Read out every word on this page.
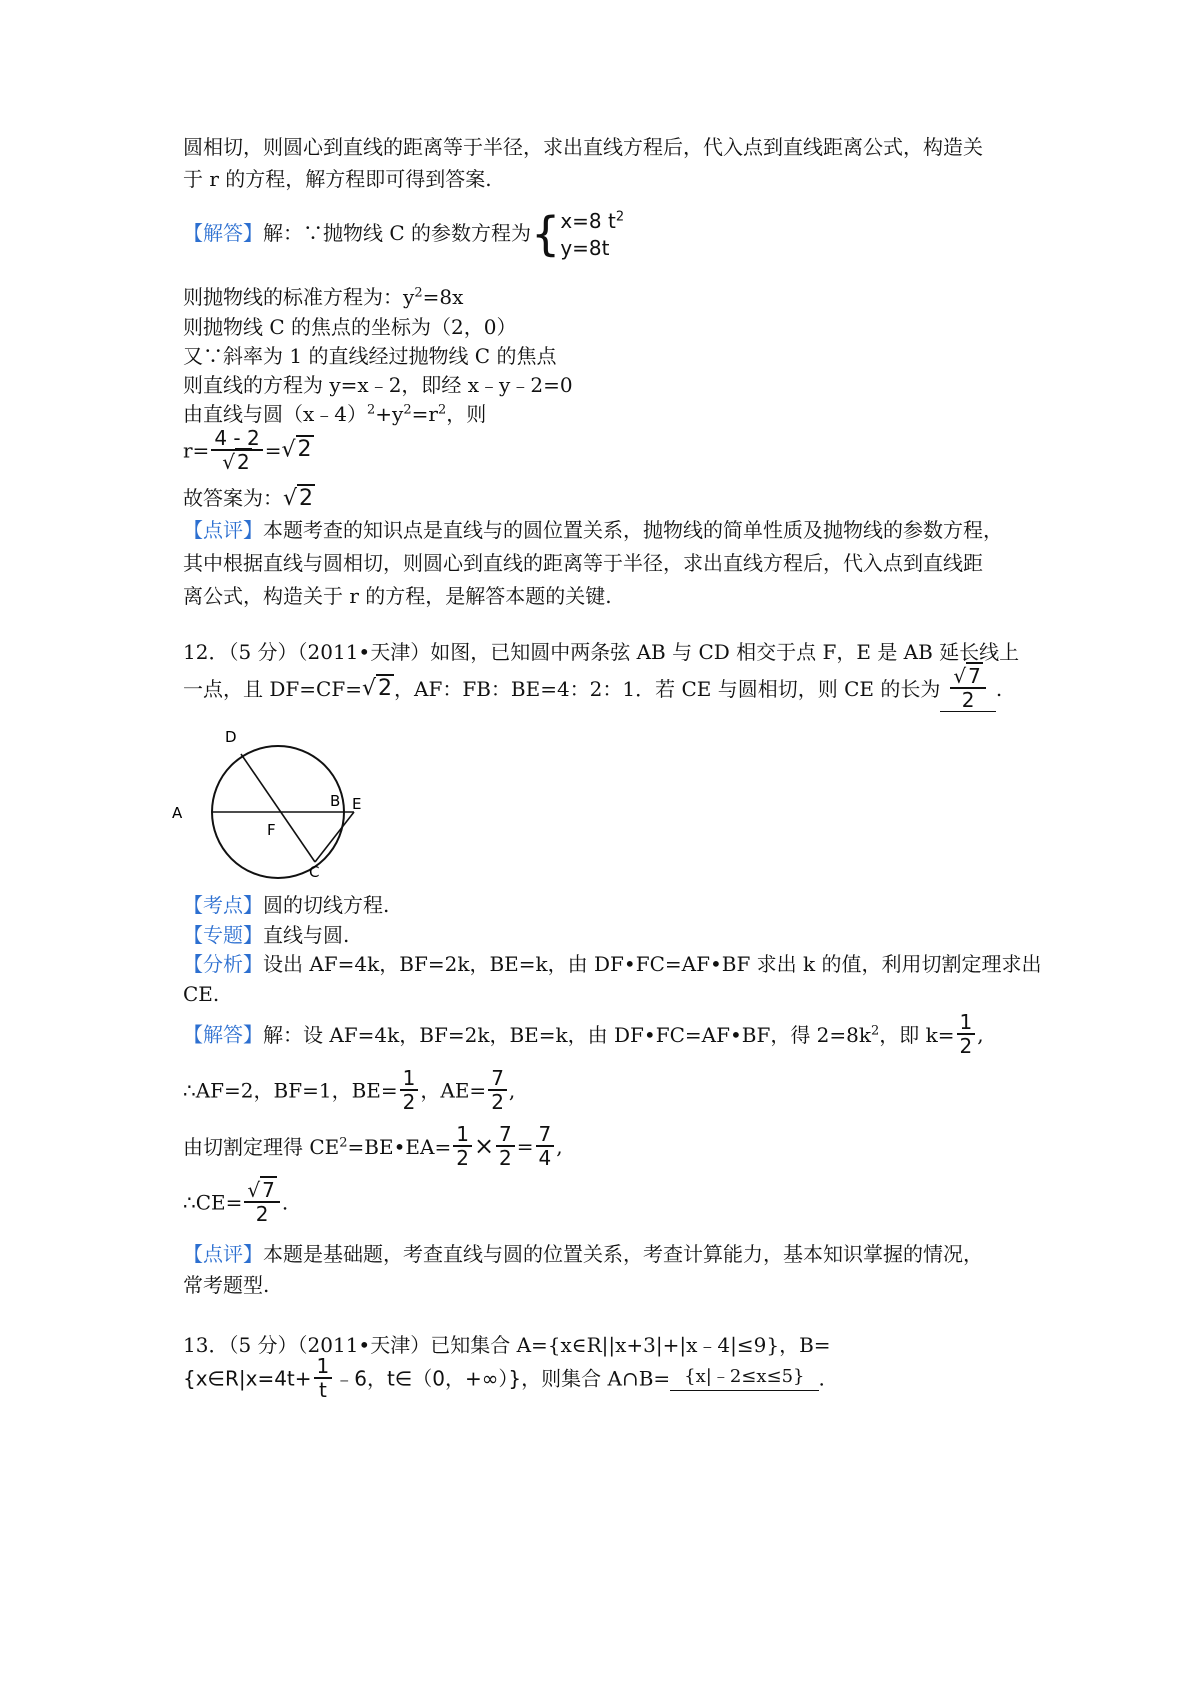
圆相切，则圆心到直线的距离等于半径，求出直线方程后，代入点到直线距离公式，构造关
于 r 的方程，解方程即可得到答案.
【解答】解：∵抛物线 C 的参数方程为{ x=8 $t^2$
y=8t
则抛物线的标准方程为：$y^2=8x$
则抛物线 C 的焦点的坐标为（2，0）
又∵斜率为 1 的直线经过抛物线 C 的焦点
则直线的方程为 y=x﹣2，即经 x﹣y﹣2=0
由直线与圆$(x﹣4)^2+y^2=r^2$，则
$r= \frac{4 - 2}{√ 2} =√2$
故答案为：√2
【点评】本题考查的知识点是直线与的圆位置关系，抛物线的简单性质及抛物线的参数方程，
其中根据直线与圆相切，则圆心到直线的距离等于半径，求出直线方程后，代入点到直线距
离公式，构造关于 r 的方程，是解答本题的关键.
12．（5 分）（2011•天津）如图，已知圆中两条弦 AB 与 CD 相交于点 F，E 是 AB 延长线上
一点，且 DF=CF=√2 ，AF：FB：BE=4：2：1．若 CE 与圆相切，则 CE 的长为 $\frac{√ 7}{2}$ .
A
B
C
D
E
F
【考点】圆的切线方程.
【专题】直线与圆.
【分析】设出 AF=4k，BF=2k，BE=k，由 DF•FC=AF•BF 求出 k 的值，利用切割定理求出
CE.
【解答】解：设 AF=4k，BF=2k，BE=k，由 DF•FC=AF•BF，得 $2=8k^2$，即 $k= \frac{1}{2}$ ,
∴AF=2，BF=1，$BE= \frac{1}{2}$ ，$AE= \frac{7}{2}$ ,
由切割定理得 $CE^2=BE•EA= \frac{1}{2} \times \frac{7}{2} = \frac{7}{4}$ ,
∴CE= $\frac{√ 7}{2}$ .
【点评】本题是基础题，考查直线与圆的位置关系，考查计算能力，基本知识掌握的情况，
常考题型.
13．（5 分）（2011•天津）已知集合 A={x∈R||x+3|+|x﹣4|≤9}，B=
{x∈R|x=4t+ $\frac{1}{t}$ ﹣6，t∈（0，+∞）}，则集合 A∩B= {x|﹣2≤x≤5} .
